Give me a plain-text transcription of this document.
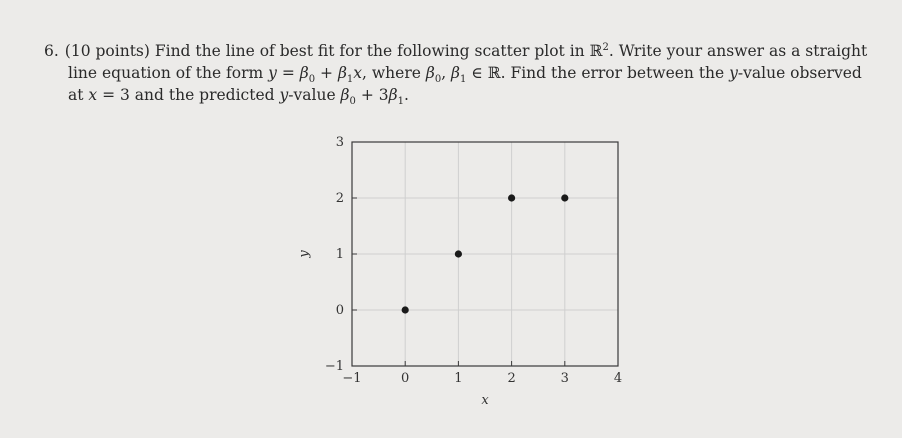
6. (10 points) Find the line of best fit for the following scatter plot in ℝ$^2$. Write your answer as a straight
line equation of the form $y = \beta_0 + \beta_1x$, where $\beta_0$, $\beta_1$ ∈ ℝ. Find the error between the y-value observed
at x = 3 and the predicted y-value $\beta_0 + 3\beta_1$.
−1	0	1	2	3	4
−1
0
1
2
3
x
y
